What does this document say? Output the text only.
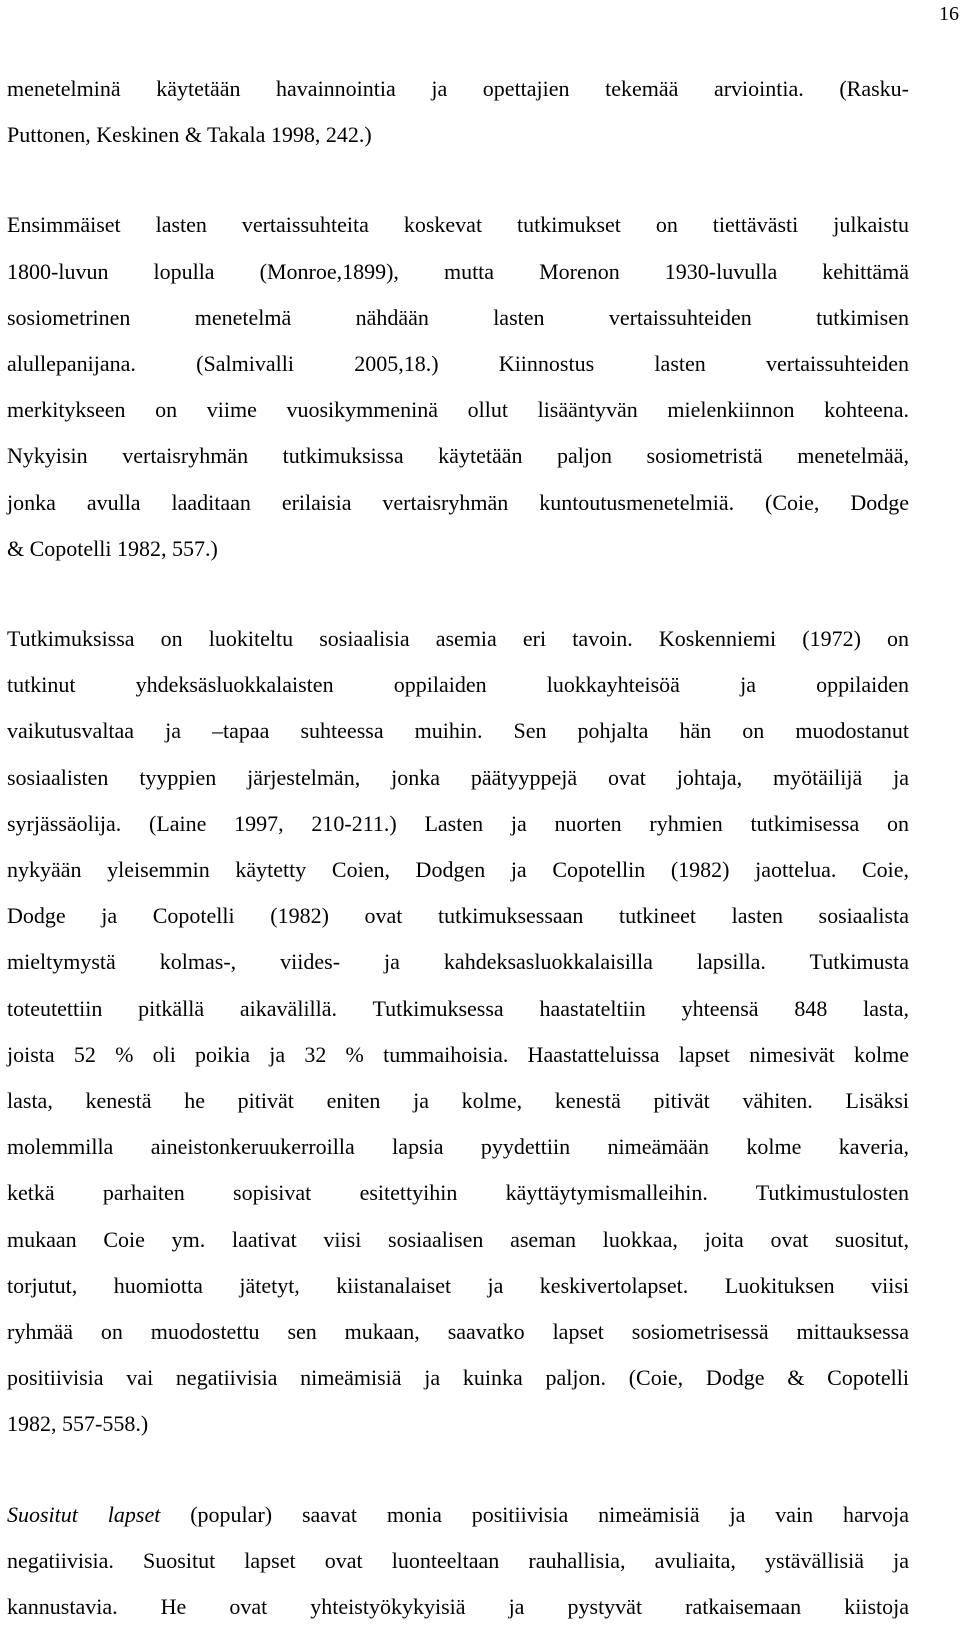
16

menetelminä käytetään havainnointia ja opettajien tekemää arviointia. (Rasku-
Puttonen, Keskinen & Takala 1998, 242.)

Ensimmäiset lasten vertaissuhteita koskevat tutkimukset on tiettävästi julkaistu
1800-luvun lopulla (Monroe,1899), mutta Morenon 1930-luvulla kehittämä
sosiometrinen menetelmä nähdään lasten vertaissuhteiden tutkimisen
alullepanijana. (Salmivalli 2005,18.) Kiinnostus lasten vertaissuhteiden
merkitykseen on viime vuosikymmeninä ollut lisääntyvän mielenkiinnon kohteena.
Nykyisin vertaisryhmän tutkimuksissa käytetään paljon sosiometristä menetelmää,
jonka avulla laaditaan erilaisia vertaisryhmän kuntoutusmenetelmiä. (Coie, Dodge
& Copotelli 1982, 557.)

Tutkimuksissa on luokiteltu sosiaalisia asemia eri tavoin. Koskenniemi (1972) on
tutkinut yhdeksäsluokkalaisten oppilaiden luokkayhteisöä ja oppilaiden
vaikutusvaltaa ja –tapaa suhteessa muihin. Sen pohjalta hän on muodostanut
sosiaalisten tyyppien järjestelmän, jonka päätyyppejä ovat johtaja, myötäilijä ja
syrjässäolija. (Laine 1997, 210-211.) Lasten ja nuorten ryhmien tutkimisessa on
nykyään yleisemmin käytetty Coien, Dodgen ja Copotellin (1982) jaottelua. Coie,
Dodge ja Copotelli (1982) ovat tutkimuksessaan tutkineet lasten sosiaalista
mieltymystä kolmas-, viides- ja kahdeksasluokkalaisilla lapsilla. Tutkimusta
toteutettiin pitkällä aikavälillä. Tutkimuksessa haastateltiin yhteensä 848 lasta,
joista 52 % oli poikia ja 32 % tummaihoisia. Haastatteluissa lapset nimesivät kolme
lasta, kenestä he pitivät eniten ja kolme, kenestä pitivät vähiten. Lisäksi
molemmilla aineistonkeruukerroilla lapsia pyydettiin nimeämään kolme kaveria,
ketkä parhaiten sopisivat esitettyihin käyttäytymismalleihin. Tutkimustulosten
mukaan Coie ym. laativat viisi sosiaalisen aseman luokkaa, joita ovat suositut,
torjutut, huomiotta jätetyt, kiistanalaiset ja keskivertolapset. Luokituksen viisi
ryhmää on muodostettu sen mukaan, saavatko lapset sosiometrisessä mittauksessa
positiivisia vai negatiivisia nimeämisiä ja kuinka paljon. (Coie, Dodge & Copotelli
1982, 557-558.)

Suositut lapset (popular) saavat monia positiivisia nimeämisiä ja vain harvoja
negatiivisia. Suositut lapset ovat luonteeltaan rauhallisia, avuliaita, ystävällisiä ja
kannustavia. He ovat yhteistyökykyisiä ja pystyvät ratkaisemaan kiistoja
